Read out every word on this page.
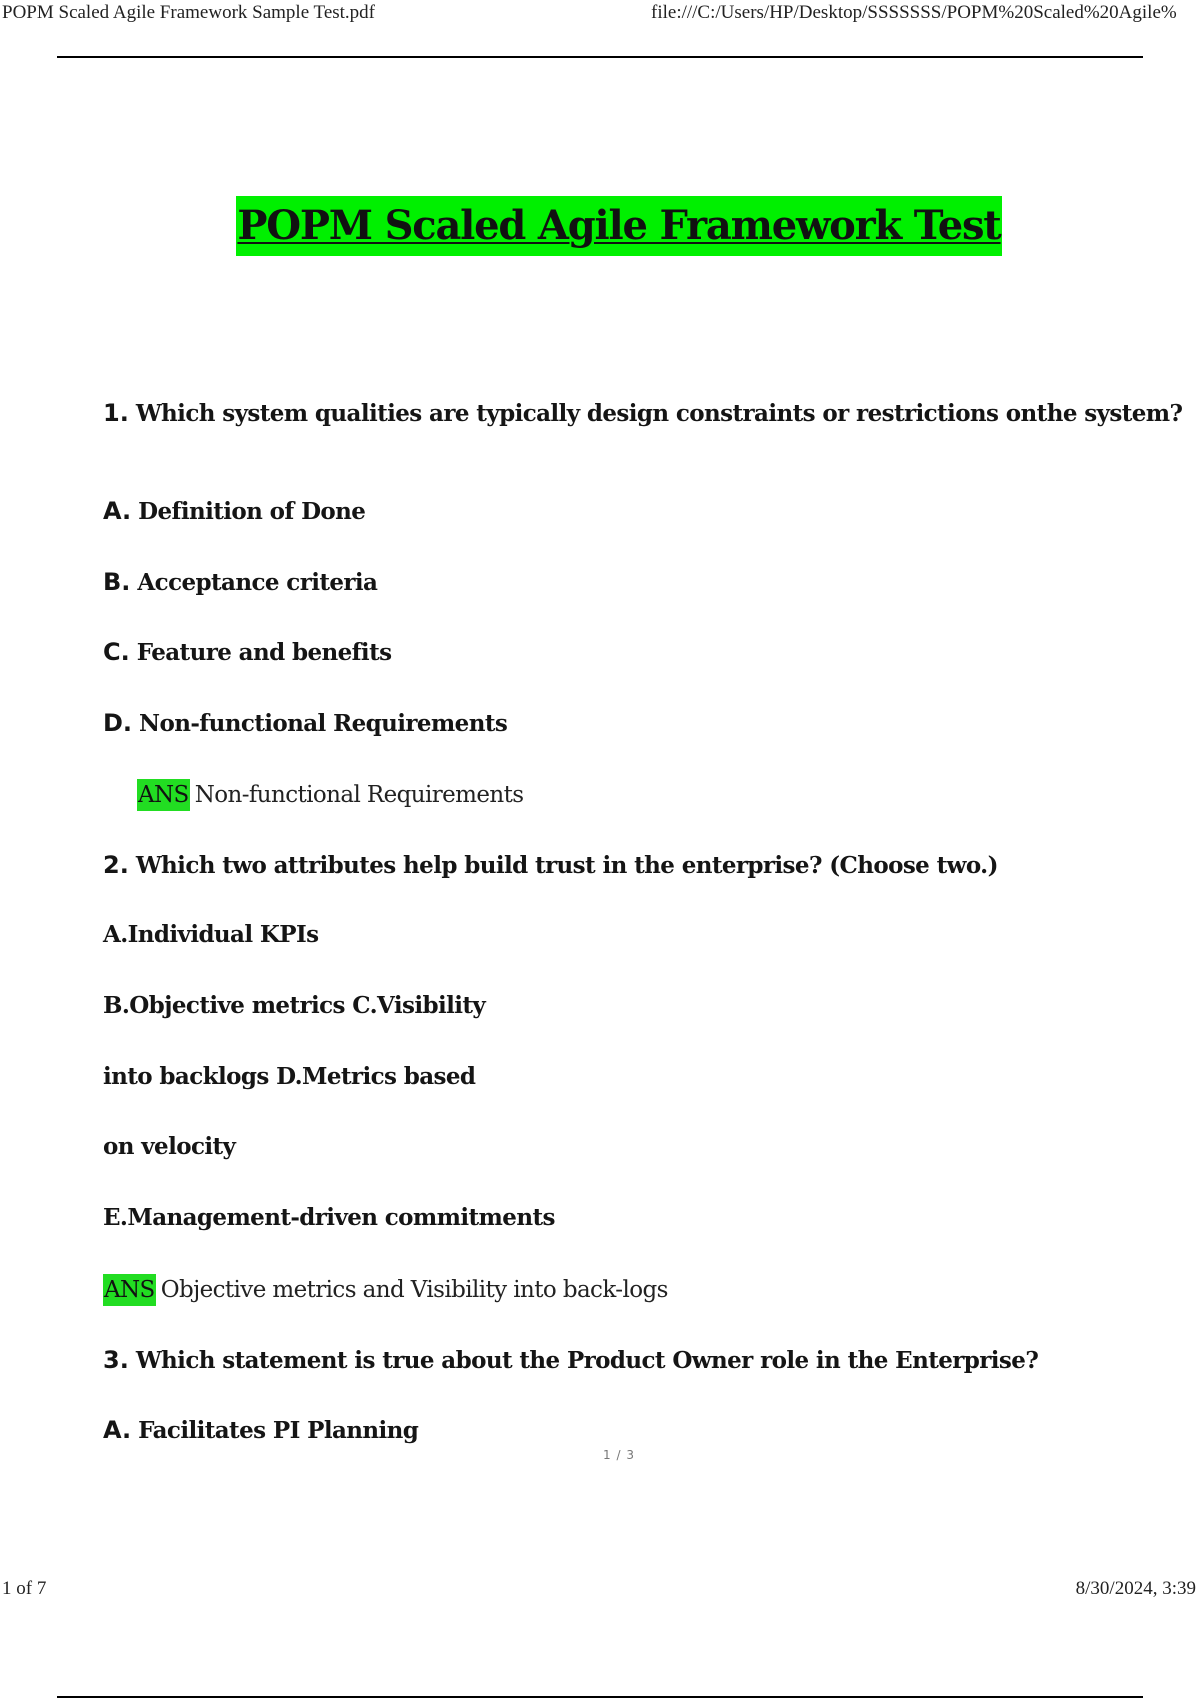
POPM Scaled Agile Framework Sample Test.pdf	file:///C:/Users/HP/Desktop/SSSSSSS/POPM%20Scaled%20Agile%
POPM Scaled Agile Framework Test
1. Which system qualities are typically design constraints or restrictions onthe system?
A. Definition of Done
B. Acceptance criteria
C. Feature and benefits
D. Non-functional Requirements
ANS Non-functional Requirements
2. Which two attributes help build trust in the enterprise? (Choose two.)
A.Individual KPIs
B.Objective metrics C.Visibility
into backlogs D.Metrics based
on velocity
E.Management-driven commitments
ANS Objective metrics and Visibility into back-logs
3. Which statement is true about the Product Owner role in the Enterprise?
A. Facilitates PI Planning
1 / 3
1 of 7	8/30/2024, 3:39
